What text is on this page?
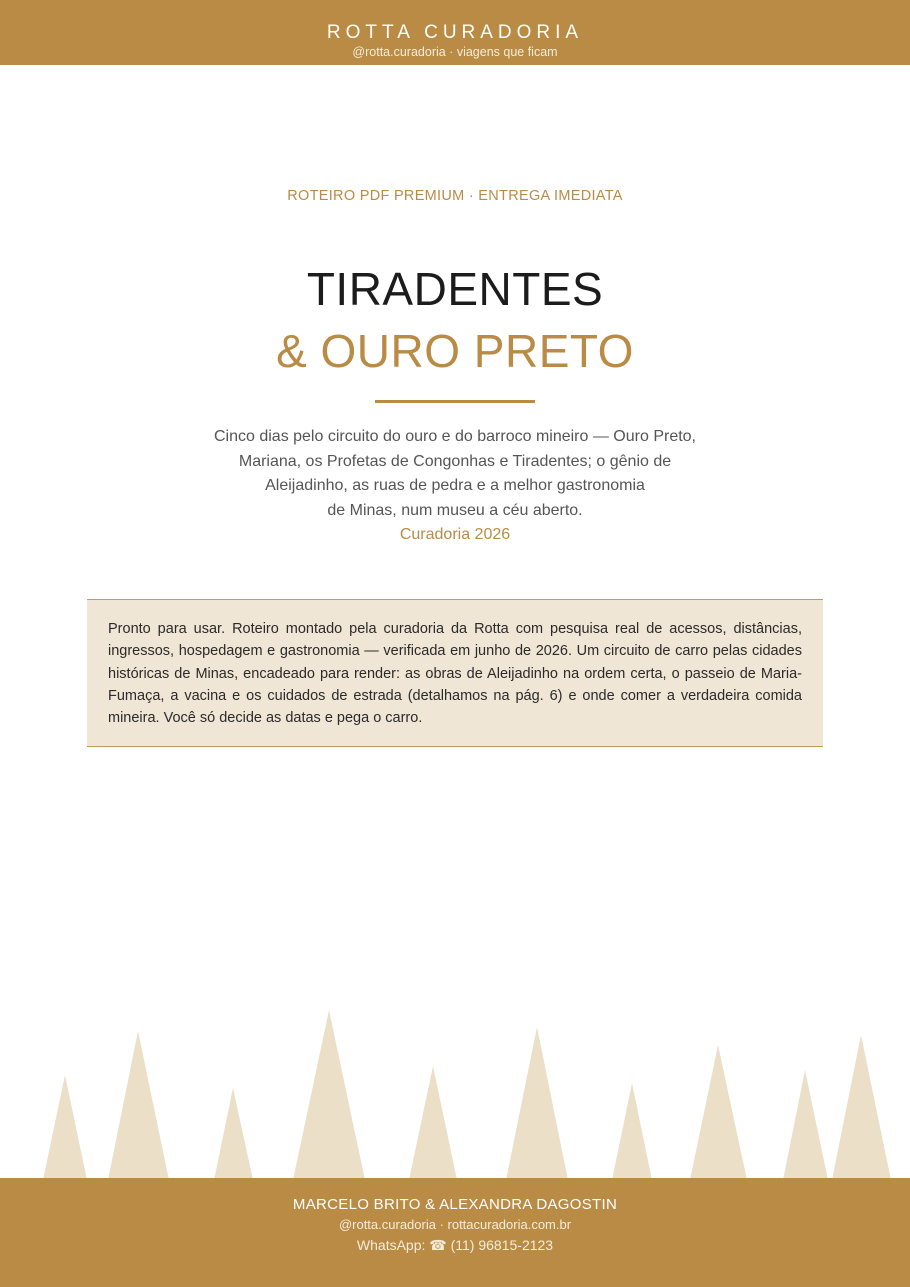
ROTTA CURADORIA
@rotta.curadoria · viagens que ficam
ROTEIRO PDF PREMIUM · ENTREGA IMEDIATA
TIRADENTES
& OURO PRETO
Cinco dias pelo circuito do ouro e do barroco mineiro — Ouro Preto,
Mariana, os Profetas de Congonhas e Tiradentes; o gênio de
Aleijadinho, as ruas de pedra e a melhor gastronomia
de Minas, num museu a céu aberto.
Curadoria 2026

Pronto para usar. Roteiro montado pela curadoria da Rotta com pesquisa real de acessos, distâncias, ingressos, hospedagem e gastronomia — verificada em junho de 2026. Um circuito de carro pelas cidades históricas de Minas, encadeado para render: as obras de Aleijadinho na ordem certa, o passeio de Maria-Fumaça, a vacina e os cuidados de estrada (detalhamos na pág. 6) e onde comer a verdadeira comida mineira. Você só decide as datas e pega o carro.

MARCELO BRITO & ALEXANDRA DAGOSTIN
@rotta.curadoria · rottacuradoria.com.br
WhatsApp: ☎ (11) 96815-2123
